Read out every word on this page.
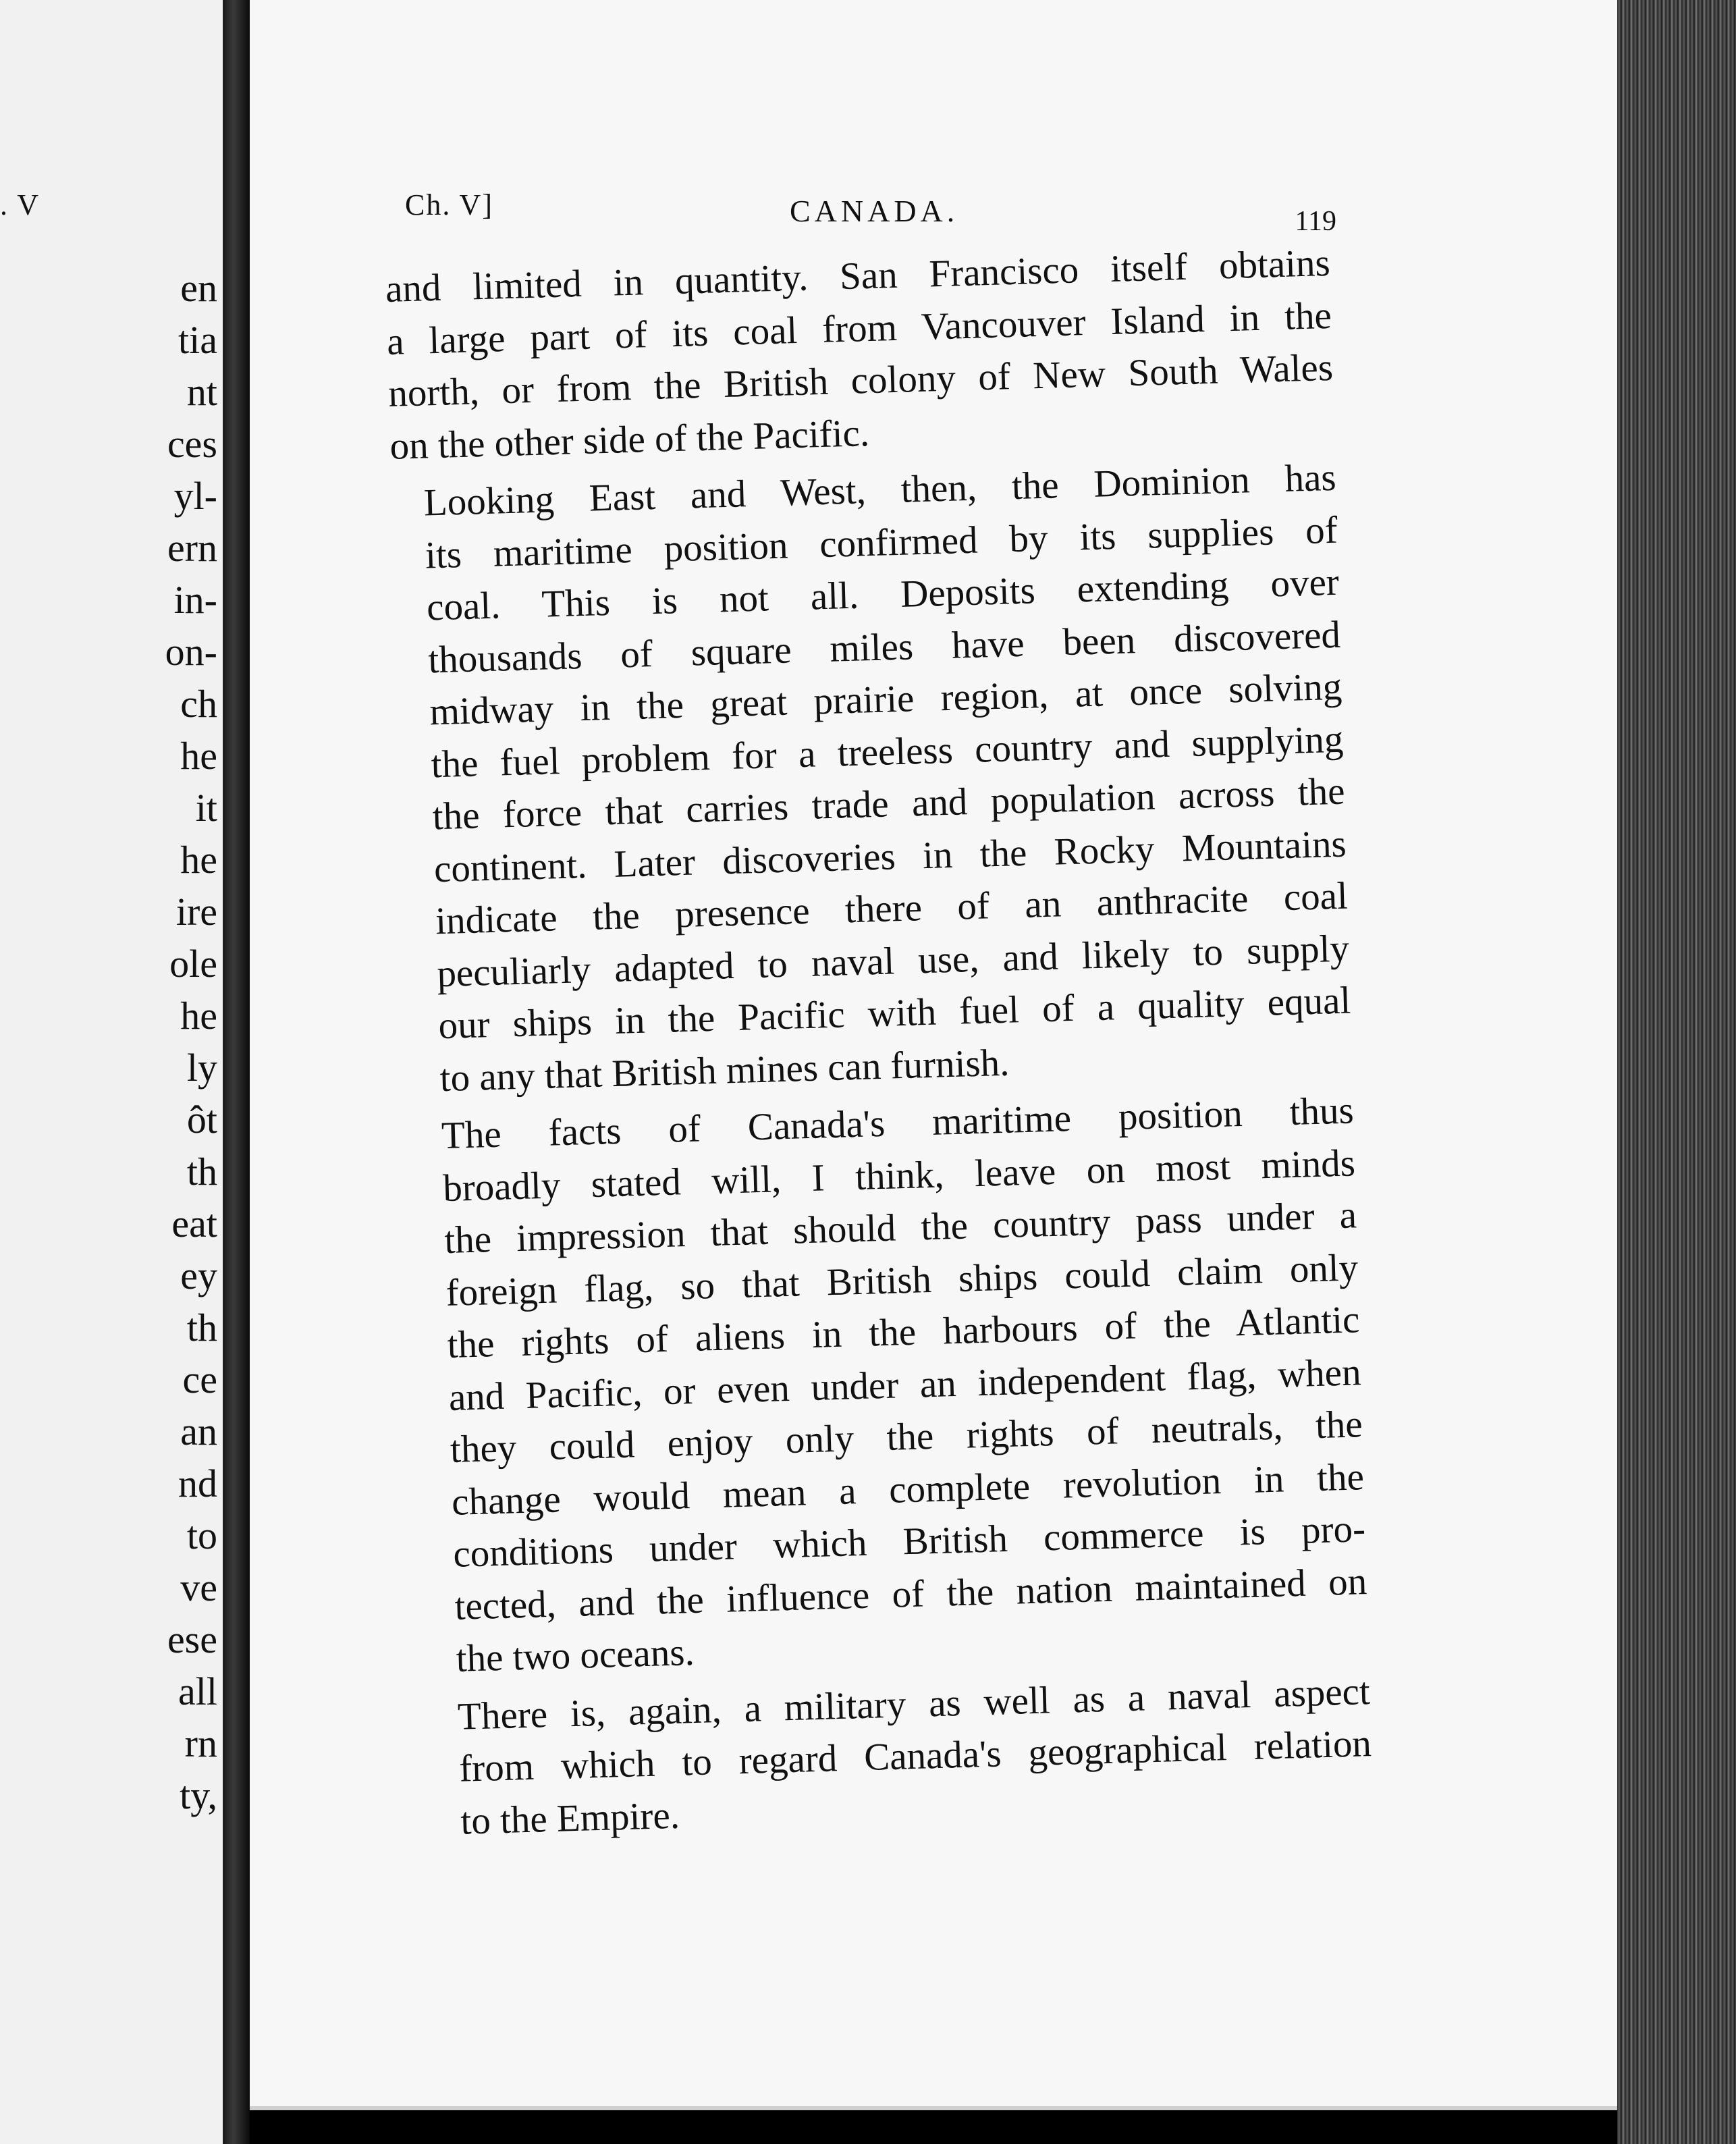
. V
en
tia
nt
ces
yl-
ern
in-
on-
ch
he
it
he
ire
ole
he
ly
ôt
th
eat
ey
th
ce
an
nd
to
ve
ese
all
rn
ty,
Ch. V]	CANADA.	119

and limited in quantity. San Francisco itself obtains
a large part of its coal from Vancouver Island in the
north, or from the British colony of New South Wales
on the other side of the Pacific.

Looking East and West, then, the Dominion has
its maritime position confirmed by its supplies of
coal. This is not all. Deposits extending over
thousands of square miles have been discovered
midway in the great prairie region, at once solving
the fuel problem for a treeless country and supplying
the force that carries trade and population across the
continent. Later discoveries in the Rocky Mountains
indicate the presence there of an anthracite coal
peculiarly adapted to naval use, and likely to supply
our ships in the Pacific with fuel of a quality equal
to any that British mines can furnish.

The facts of Canada's maritime position thus
broadly stated will, I think, leave on most minds
the impression that should the country pass under a
foreign flag, so that British ships could claim only
the rights of aliens in the harbours of the Atlantic
and Pacific, or even under an independent flag, when
they could enjoy only the rights of neutrals, the
change would mean a complete revolution in the
conditions under which British commerce is pro-
tected, and the influence of the nation maintained on
the two oceans.

There is, again, a military as well as a naval aspect
from which to regard Canada's geographical relation
to the Empire.
